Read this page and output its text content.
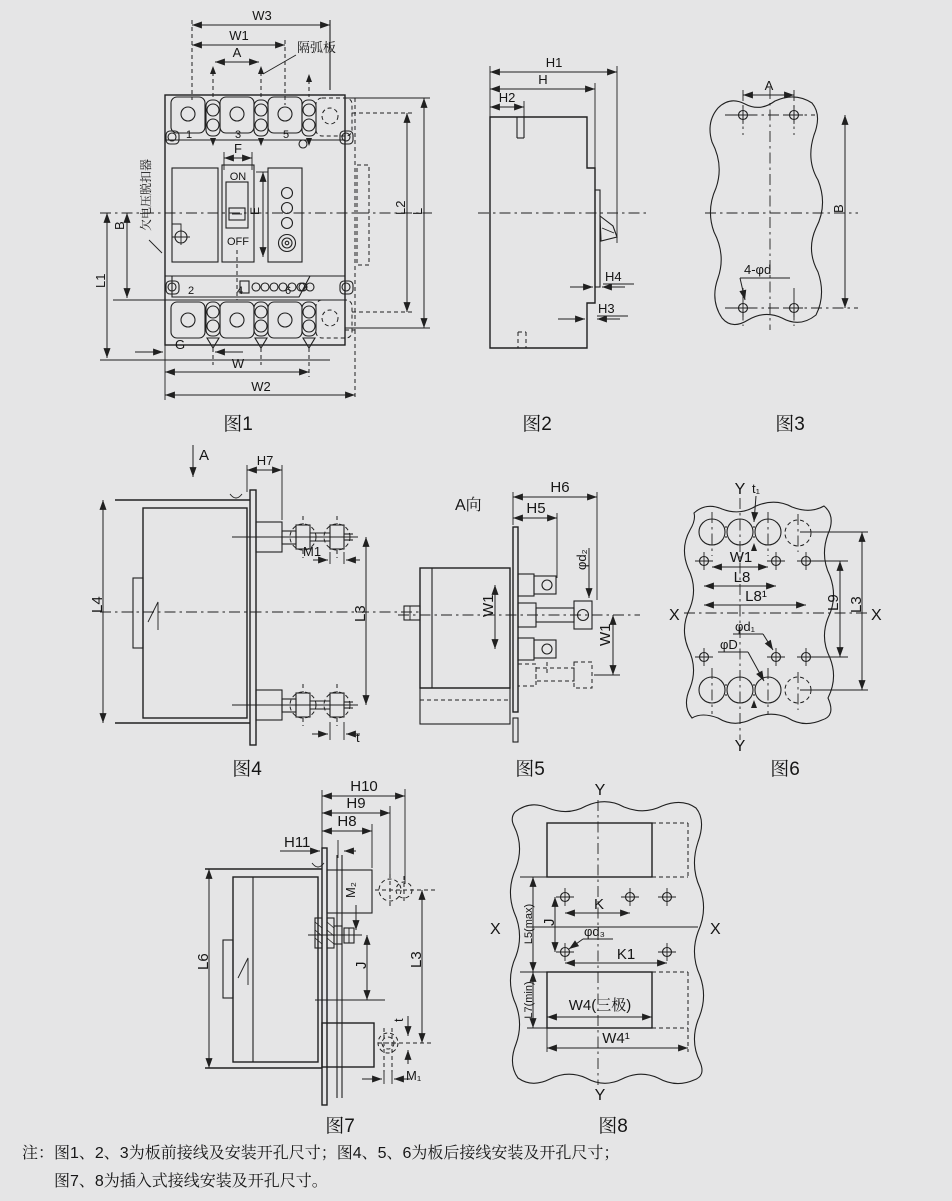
1	3	5
ON
OFF
F
E
2	4	6
W3
W1
A	隔弧板
欠电压脱扣器
B
L1
L2 L
G
W
W2
图1
H1
H
H2
H4
H3
图2
A
B
4-φd
图3
A	H7
L4
L3
M1
t
图4
A向
H6
H5
φd₂
W1
W1
图5
Y
Y
X	X
t₁
W1
L8
L8¹
φd₁
φD
L9 L3
图6
H10
H9
H8
H11
M₂
L6	J	L3
t
M₁
图7
Y
Y
X	X
K
J
L5(max)	φd₃
K1
W4(三极)
L7(min)
W4¹
图8
注：图1、2、3为板前接线及安装开孔尺寸；图4、5、6为板后接线安装及开孔尺寸；
图7、8为插入式接线安装及开孔尺寸。
